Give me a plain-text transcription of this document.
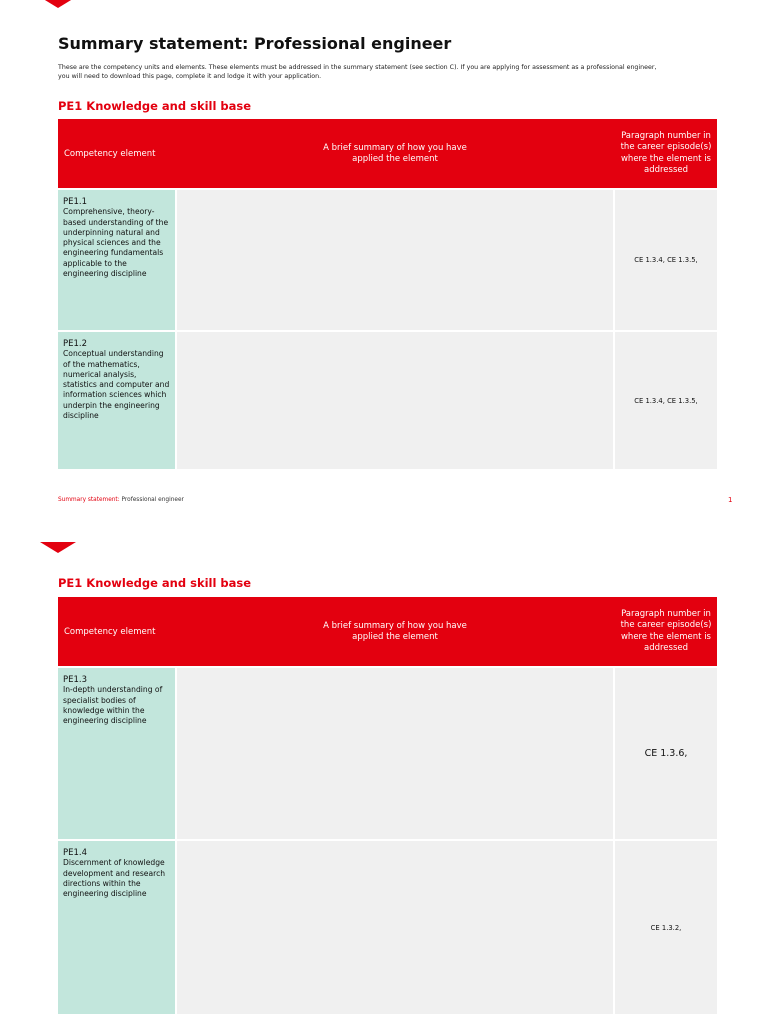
Summary statement: Professional engineer

These are the competency units and elements. These elements must be addressed in the summary statement (see section C). If you are applying for assessment as a professional engineer, you will need to download this page, complete it and lodge it with your application.

PE1 Knowledge and skill base
Competency element
A brief summary of how you have applied the element
Paragraph number in the career episode(s) where the element is addressed
PE1.1
Comprehensive, theory-based understanding of the underpinning natural and physical sciences and the engineering fundamentals applicable to the engineering discipline
CE 1.3.4, CE 1.3.5,
PE1.2
Conceptual understanding of the mathematics, numerical analysis, statistics and computer and information sciences which underpin the engineering discipline
CE 1.3.4, CE 1.3.5,

Summary statement: Professional engineer	1

PE1 Knowledge and skill base
Competency element
A brief summary of how you have applied the element
Paragraph number in the career episode(s) where the element is addressed
PE1.3
In-depth understanding of specialist bodies of knowledge within the engineering discipline
CE 1.3.6,
PE1.4
Discernment of knowledge development and research directions within the engineering discipline
CE 1.3.2,
